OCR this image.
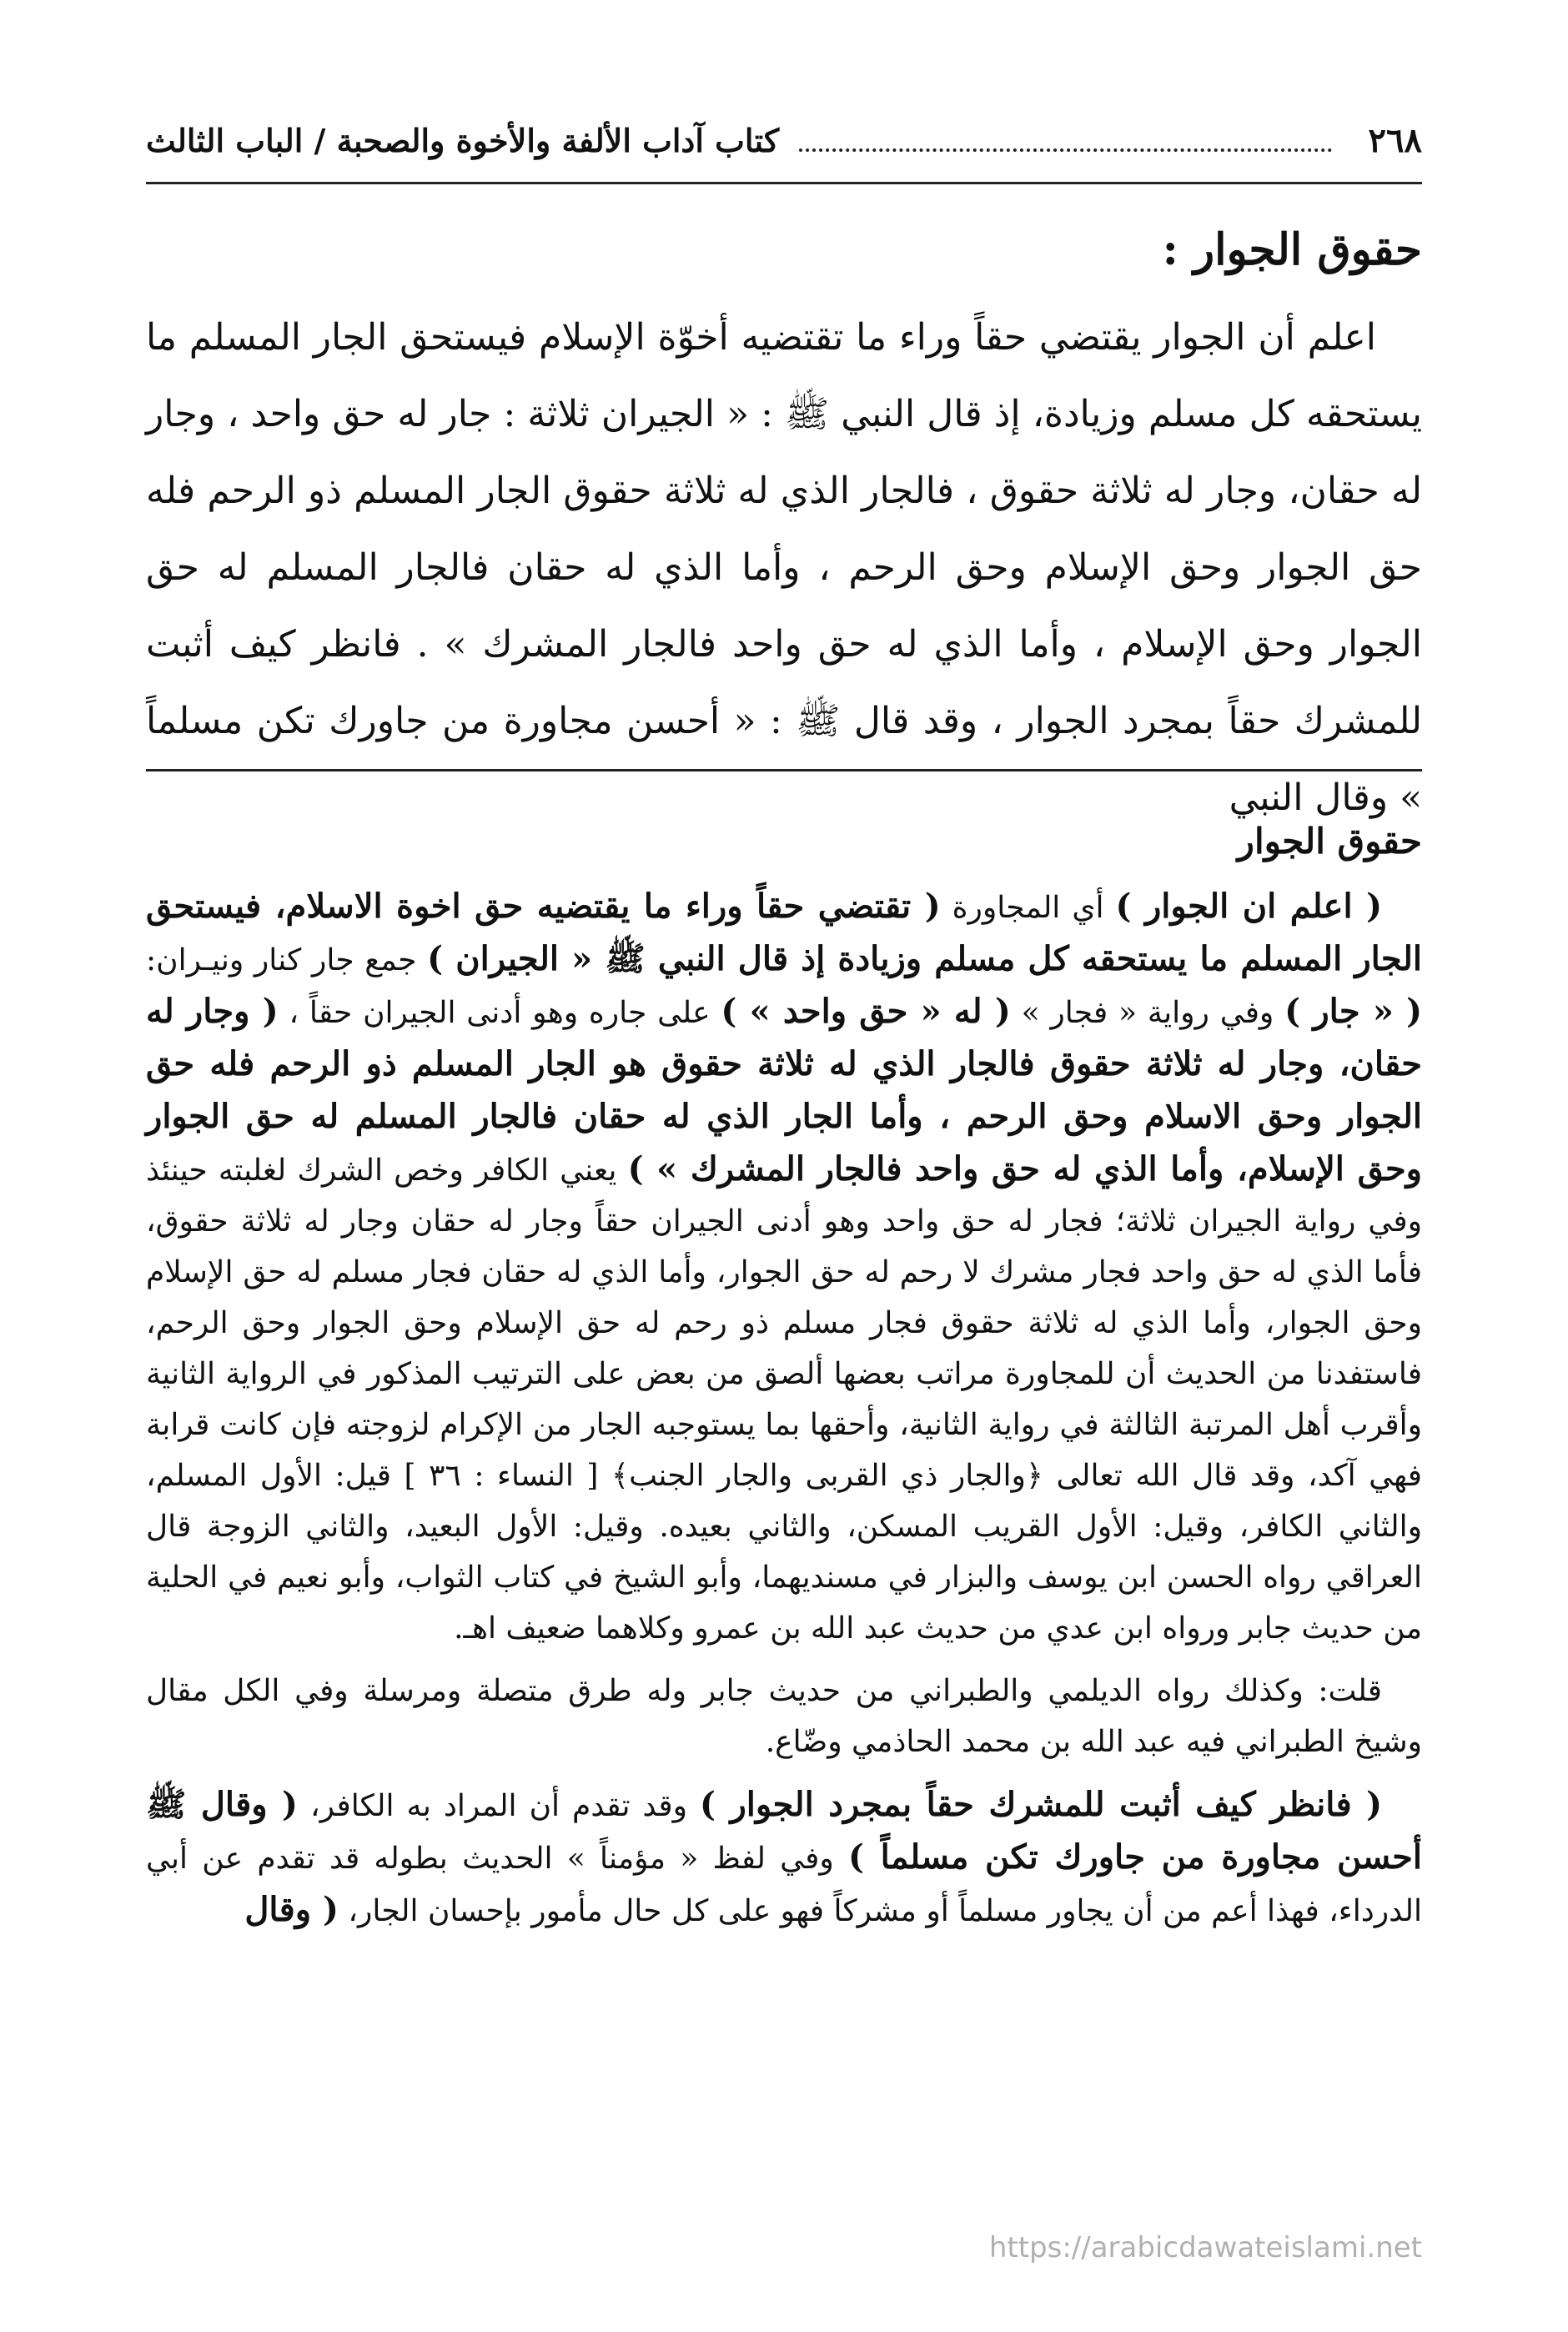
٢٦٨
كتاب آداب الألفة والأخوة والصحبة / الباب الثالث
حقوق الجوار :

اعلم أن الجوار يقتضي حقاً وراء ما تقتضيه أخوّة الإسلام فيستحق الجار المسلم ما يستحقه كل مسلم وزيادة، إذ قال النبي ﷺ : « الجيران ثلاثة : جار له حق واحد ، وجار له حقان، وجار له ثلاثة حقوق ، فالجار الذي له ثلاثة حقوق الجار المسلم ذو الرحم فله حق الجوار وحق الإسلام وحق الرحم ، وأما الذي له حقان فالجار المسلم له حق الجوار وحق الإسلام ، وأما الذي له حق واحد فالجار المشرك » . فانظر كيف أثبت للمشرك حقاً بمجرد الجوار ، وقد قال ﷺ : « أحسن مجاورة من جاورك تكن مسلماً » وقال النبي

حقوق الجوار

( اعلم ان الجوار ) أي المجاورة ( تقتضي حقاً وراء ما يقتضيه حق اخوة الاسلام، فيستحق الجار المسلم ما يستحقه كل مسلم وزيادة إذ قال النبي ﷺ « الجيران ) جمع جار كنار ونيـران: ( « جار ) وفي رواية « فجار » ( له « حق واحد » ) على جاره وهو أدنى الجيران حقاً ، ( وجار له حقان، وجار له ثلاثة حقوق فالجار الذي له ثلاثة حقوق هو الجار المسلم ذو الرحم فله حق الجوار وحق الاسلام وحق الرحم ، وأما الجار الذي له حقان فالجار المسلم له حق الجوار وحق الإسلام، وأما الذي له حق واحد فالجار المشرك » ) يعني الكافر وخص الشرك لغلبته حينئذ وفي رواية الجيران ثلاثة؛ فجار له حق واحد وهو أدنى الجيران حقاً وجار له حقان وجار له ثلاثة حقوق، فأما الذي له حق واحد فجار مشرك لا رحم له حق الجوار، وأما الذي له حقان فجار مسلم له حق الإسلام وحق الجوار، وأما الذي له ثلاثة حقوق فجار مسلم ذو رحم له حق الإسلام وحق الجوار وحق الرحم، فاستفدنا من الحديث أن للمجاورة مراتب بعضها ألصق من بعض على الترتيب المذكور في الرواية الثانية وأقرب أهل المرتبة الثالثة في رواية الثانية، وأحقها بما يستوجبه الجار من الإكرام لزوجته فإن كانت قرابة فهي آكد، وقد قال الله تعالى ﴿والجار ذي القربى والجار الجنب﴾ [ النساء : ٣٦ ] قيل: الأول المسلم، والثاني الكافر، وقيل: الأول القريب المسكن، والثاني بعيده. وقيل: الأول البعيد، والثاني الزوجة قال العراقي رواه الحسن ابن يوسف والبزار في مسنديهما، وأبو الشيخ في كتاب الثواب، وأبو نعيم في الحلية من حديث جابر ورواه ابن عدي من حديث عبد الله بن عمرو وكلاهما ضعيف اهـ.

قلت: وكذلك رواه الديلمي والطبراني من حديث جابر وله طرق متصلة ومرسلة وفي الكل مقال وشيخ الطبراني فيه عبد الله بن محمد الحاذمي وضّاع.

( فانظر كيف أثبت للمشرك حقاً بمجرد الجوار ) وقد تقدم أن المراد به الكافر، ( وقال ﷺ أحسن مجاورة من جاورك تكن مسلماً ) وفي لفظ « مؤمناً » الحديث بطوله قد تقدم عن أبي الدرداء، فهذا أعم من أن يجاور مسلماً أو مشركاً فهو على كل حال مأمور بإحسان الجار، ( وقال

https://arabicdawateislami.net
